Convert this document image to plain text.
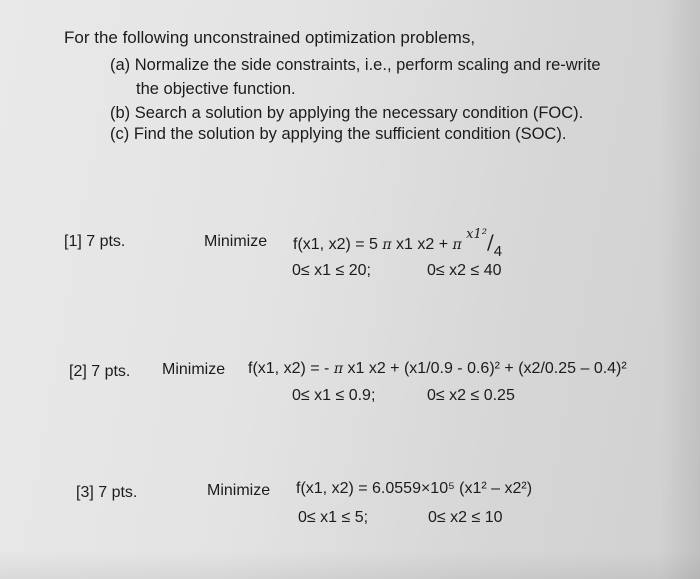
For the following unconstrained optimization problems,
(a) Normalize the side constraints, i.e., perform scaling and re-write
the objective function.
(b) Search a solution by applying the necessary condition (FOC).
(c) Find the solution by applying the sufficient condition (SOC).
[1] 7 pts.	Minimize f(x1, x2) = 5 π x1 x2 + π $^{x1^2}$/4
0≤ x1 ≤ 20;	0≤ x2 ≤ 40
[2] 7 pts. Minimize f(x1, x2) = - π x1 x2 + (x1/0.9 - 0.6)² + (x2/0.25 – 0.4)²
0≤ x1 ≤ 0.9;	0≤ x2 ≤ 0.25
[3] 7 pts.	Minimize f(x1, x2) = 6.0559×10⁵ (x1² – x2²)
0≤ x1 ≤ 5;	0≤ x2 ≤ 10
